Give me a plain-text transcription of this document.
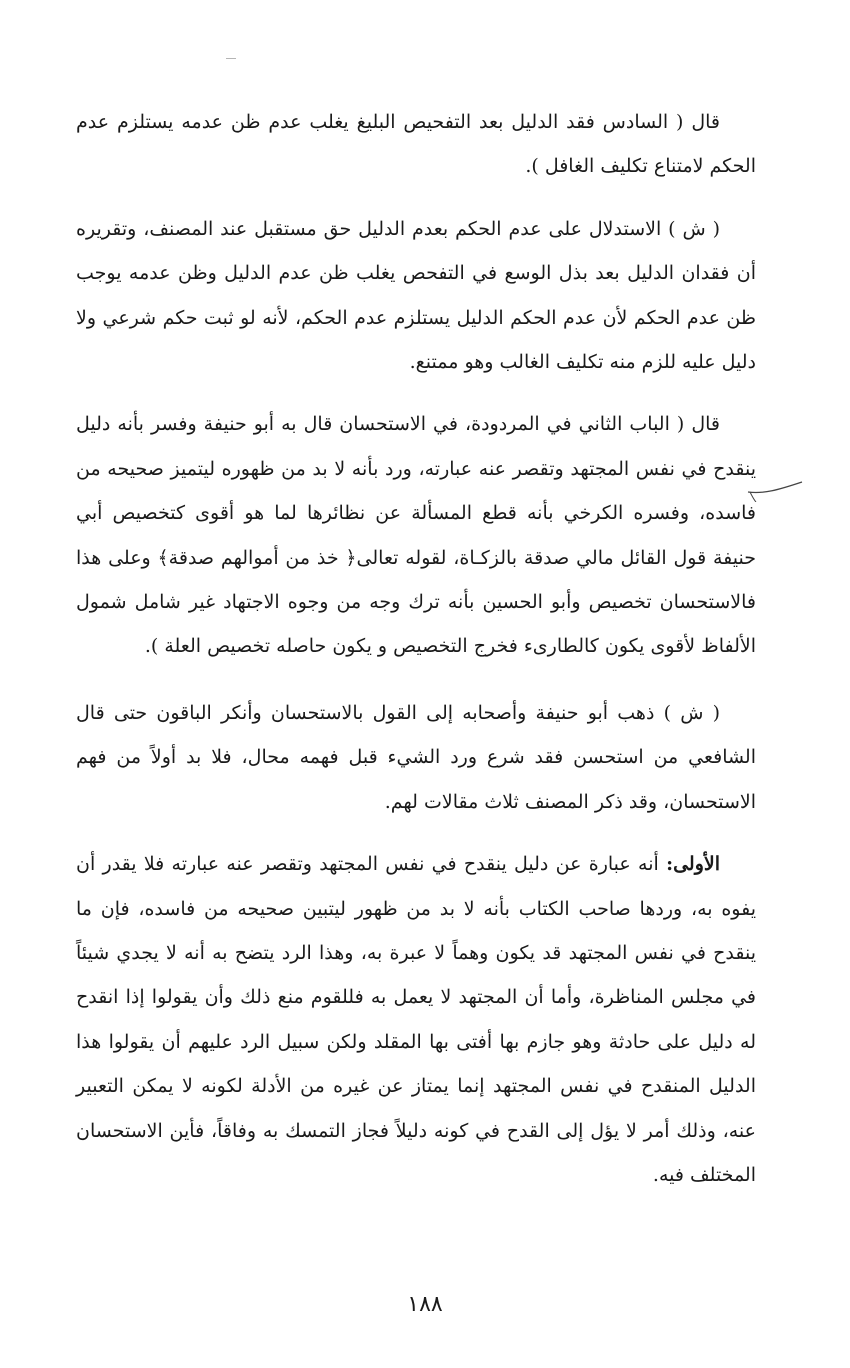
قال ( السادس فقد الدليل بعد التفحيص البليغ يغلب عدم ظن عدمه يستلزم عدم الحكم لامتناع تكليف الغافل ).

( ش ) الاستدلال على عدم الحكم بعدم الدليل حق مستقبل عند المصنف، وتقريره أن فقدان الدليل بعد بذل الوسع في التفحص يغلب ظن عدم الدليل وظن عدمه يوجب ظن عدم الحكم لأن عدم الحكم الدليل يستلزم عدم الحكم، لأنه لو ثبت حكم شرعي ولا دليل عليه للزم منه تكليف الغالب وهو ممتنع.

قال ( الباب الثاني في المردودة، في الاستحسان قال به أبو حنيفة وفسر بأنه دليل ينقدح في نفس المجتهد وتقصر عنه عبارته، ورد بأنه لا بد من ظهوره ليتميز صحيحه من فاسده، وفسره الكرخي بأنه قطع المسألة عن نظائرها لما هو أقوى كتخصيص أبي حنيفة قول القائل مالي صدقة بالزكـاة، لقوله تعالى﴿ خذ من أموالهم صدقة﴾ وعلى هذا فالاستحسان تخصيص وأبو الحسين بأنه ترك وجه من وجوه الاجتهاد غير شامل شمول الألفاظ لأقوى يكون كالطارىء فخرج التخصيص و يكون حاصله تخصيص العلة ).

( ش ) ذهب أبو حنيفة وأصحابه إلى القول بالاستحسان وأنكر الباقون حتى قال الشافعي من استحسن فقد شرع ورد الشيء قبل فهمه محال، فلا بد أولاً من فهم الاستحسان، وقد ذكر المصنف ثلاث مقالات لهم.

الأولى: أنه عبارة عن دليل ينقدح في نفس المجتهد وتقصر عنه عبارته فلا يقدر أن يفوه به، وردها صاحب الكتاب بأنه لا بد من ظهور ليتبين صحيحه من فاسده، فإن ما ينقدح في نفس المجتهد قد يكون وهماً لا عبرة به، وهذا الرد يتضح به أنه لا يجدي شيئاً في مجلس المناظرة، وأما أن المجتهد لا يعمل به فللقوم منع ذلك وأن يقولوا إذا انقدح له دليل على حادثة وهو جازم بها أفتى بها المقلد ولكن سبيل الرد عليهم أن يقولوا هذا الدليل المنقدح في نفس المجتهد إنما يمتاز عن غيره من الأدلة لكونه لا يمكن التعبير عنه، وذلك أمر لا يؤل إلى القدح في كونه دليلاً فجاز التمسك به وفاقاً، فأين الاستحسان المختلف فيه.

١٨٨
